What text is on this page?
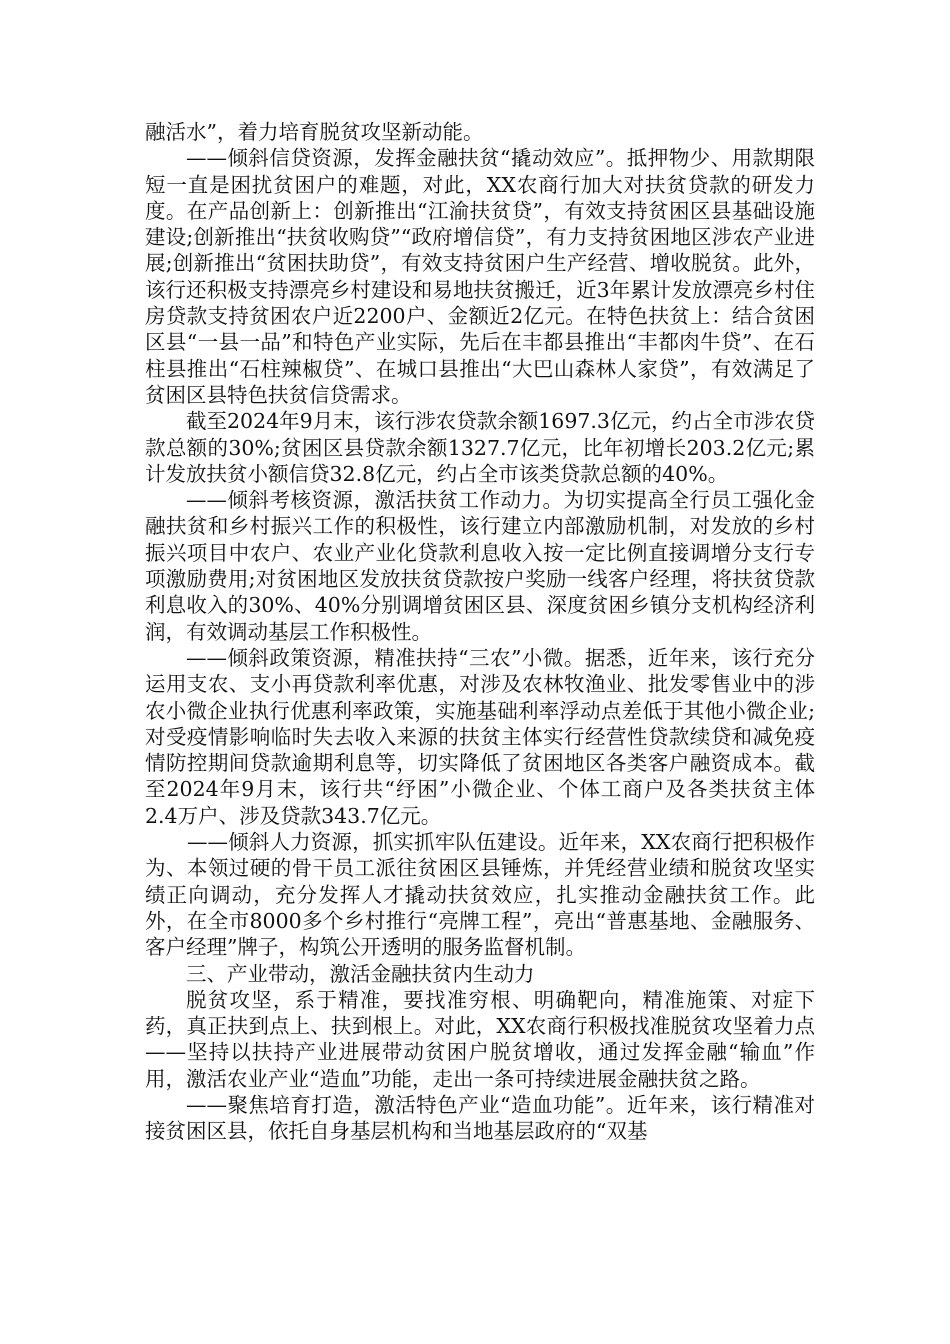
融活水”，着力培育脱贫攻坚新动能。

——倾斜信贷资源，发挥金融扶贫“撬动效应”。抵押物少、用款期限短一直是困扰贫困户的难题，对此，XX农商行加大对扶贫贷款的研发力度。在产品创新上：创新推出“江渝扶贫贷”，有效支持贫困区县基础设施建设;创新推出“扶贫收购贷”“政府增信贷”，有力支持贫困地区涉农产业进展;创新推出“贫困扶助贷”，有效支持贫困户生产经营、增收脱贫。此外，该行还积极支持漂亮乡村建设和易地扶贫搬迁，近3年累计发放漂亮乡村住房贷款支持贫困农户近2200户、金额近2亿元。在特色扶贫上：结合贫困区县“一县一品”和特色产业实际，先后在丰都县推出“丰都肉牛贷”、在石柱县推出“石柱辣椒贷”、在城口县推出“大巴山森林人家贷”，有效满足了贫困区县特色扶贫信贷需求。

截至2024年9月末，该行涉农贷款余额1697.3亿元，约占全市涉农贷款总额的30%;贫困区县贷款余额1327.7亿元，比年初增长203.2亿元;累计发放扶贫小额信贷32.8亿元，约占全市该类贷款总额的40%。

——倾斜考核资源，激活扶贫工作动力。为切实提高全行员工强化金融扶贫和乡村振兴工作的积极性，该行建立内部激励机制，对发放的乡村振兴项目中农户、农业产业化贷款利息收入按一定比例直接调增分支行专项激励费用;对贫困地区发放扶贫贷款按户奖励一线客户经理，将扶贫贷款利息收入的30%、40%分别调增贫困区县、深度贫困乡镇分支机构经济利润，有效调动基层工作积极性。

——倾斜政策资源，精准扶持“三农”小微。据悉，近年来，该行充分运用支农、支小再贷款利率优惠，对涉及农林牧渔业、批发零售业中的涉农小微企业执行优惠利率政策，实施基础利率浮动点差低于其他小微企业;对受疫情影响临时失去收入来源的扶贫主体实行经营性贷款续贷和减免疫情防控期间贷款逾期利息等，切实降低了贫困地区各类客户融资成本。截至2024年9月末，该行共“纾困”小微企业、个体工商户及各类扶贫主体2.4万户、涉及贷款343.7亿元。

——倾斜人力资源，抓实抓牢队伍建设。近年来，XX农商行把积极作为、本领过硬的骨干员工派往贫困区县锤炼，并凭经营业绩和脱贫攻坚实绩正向调动，充分发挥人才撬动扶贫效应，扎实推动金融扶贫工作。此外，在全市8000多个乡村推行“亮牌工程”，亮出“普惠基地、金融服务、客户经理”牌子，构筑公开透明的服务监督机制。

三、产业带动，激活金融扶贫内生动力

脱贫攻坚，系于精准，要找准穷根、明确靶向，精准施策、对症下药，真正扶到点上、扶到根上。对此，XX农商行积极找准脱贫攻坚着力点——坚持以扶持产业进展带动贫困户脱贫增收，通过发挥金融“输血”作用，激活农业产业“造血”功能，走出一条可持续进展金融扶贫之路。

——聚焦培育打造，激活特色产业“造血功能”。近年来，该行精准对接贫困区县，依托自身基层机构和当地基层政府的“双基
